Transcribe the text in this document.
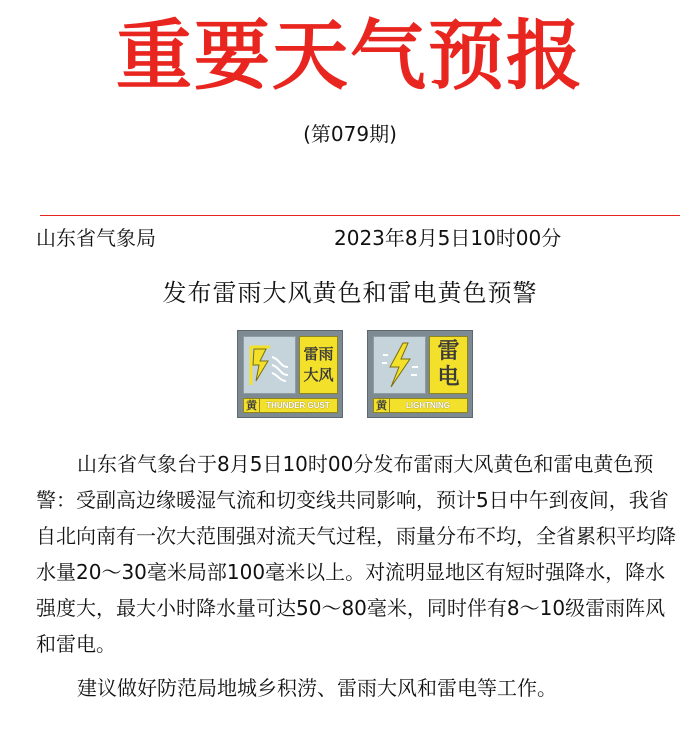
重要天气预报
(第079期)
山东省气象局	2023年8月5日10时00分
发布雷雨大风黄色和雷电黄色预警
雷 雨
大 风
黄	THUNDER GUST
雷
电
黄	LIGHTNING

山东省气象台于8月5日10时00分发布雷雨大风黄色和雷电黄色预警：受副高边缘暖湿气流和切变线共同影响，预计5日中午到夜间，我省自北向南有一次大范围强对流天气过程，雨量分布不均，全省累积平均降水量20～30毫米局部100毫米以上。对流明显地区有短时强降水，降水强度大，最大小时降水量可达50～80毫米，同时伴有8～10级雷雨阵风和雷电。

建议做好防范局地城乡积涝、雷雨大风和雷电等工作。
